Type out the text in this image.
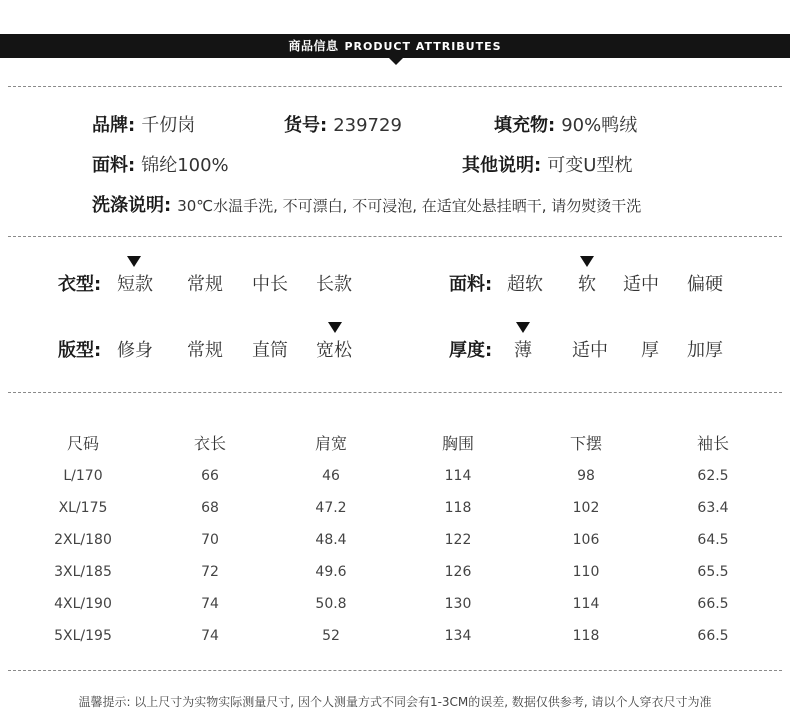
商品信息 PRODUCT ATTRIBUTES
品牌: 千仞岗	货号: 239729	填充物: 90%鸭绒
面料: 锦纶100%	其他说明: 可变U型枕
洗涤说明: 30℃水温手洗, 不可漂白, 不可浸泡, 在适宜处悬挂晒干, 请勿熨烫干洗
衣型: 短款 常规 中长 长款	面料: 超软 软 适中 偏硬
版型: 修身 常规 直筒 宽松	厚度: 薄 适中 厚 加厚
尺码	衣长	肩宽	胸围	下摆	袖长
L/170	66	46	114	98	62.5
XL/175	68	47.2	118	102	63.4
2XL/180	70	48.4	122	106	64.5
3XL/185	72	49.6	126	110	65.5
4XL/190	74	50.8	130	114	66.5
5XL/195	74	52	134	118	66.5
温馨提示: 以上尺寸为实物实际测量尺寸, 因个人测量方式不同会有1-3CM的误差, 数据仅供参考, 请以个人穿衣尺寸为准
